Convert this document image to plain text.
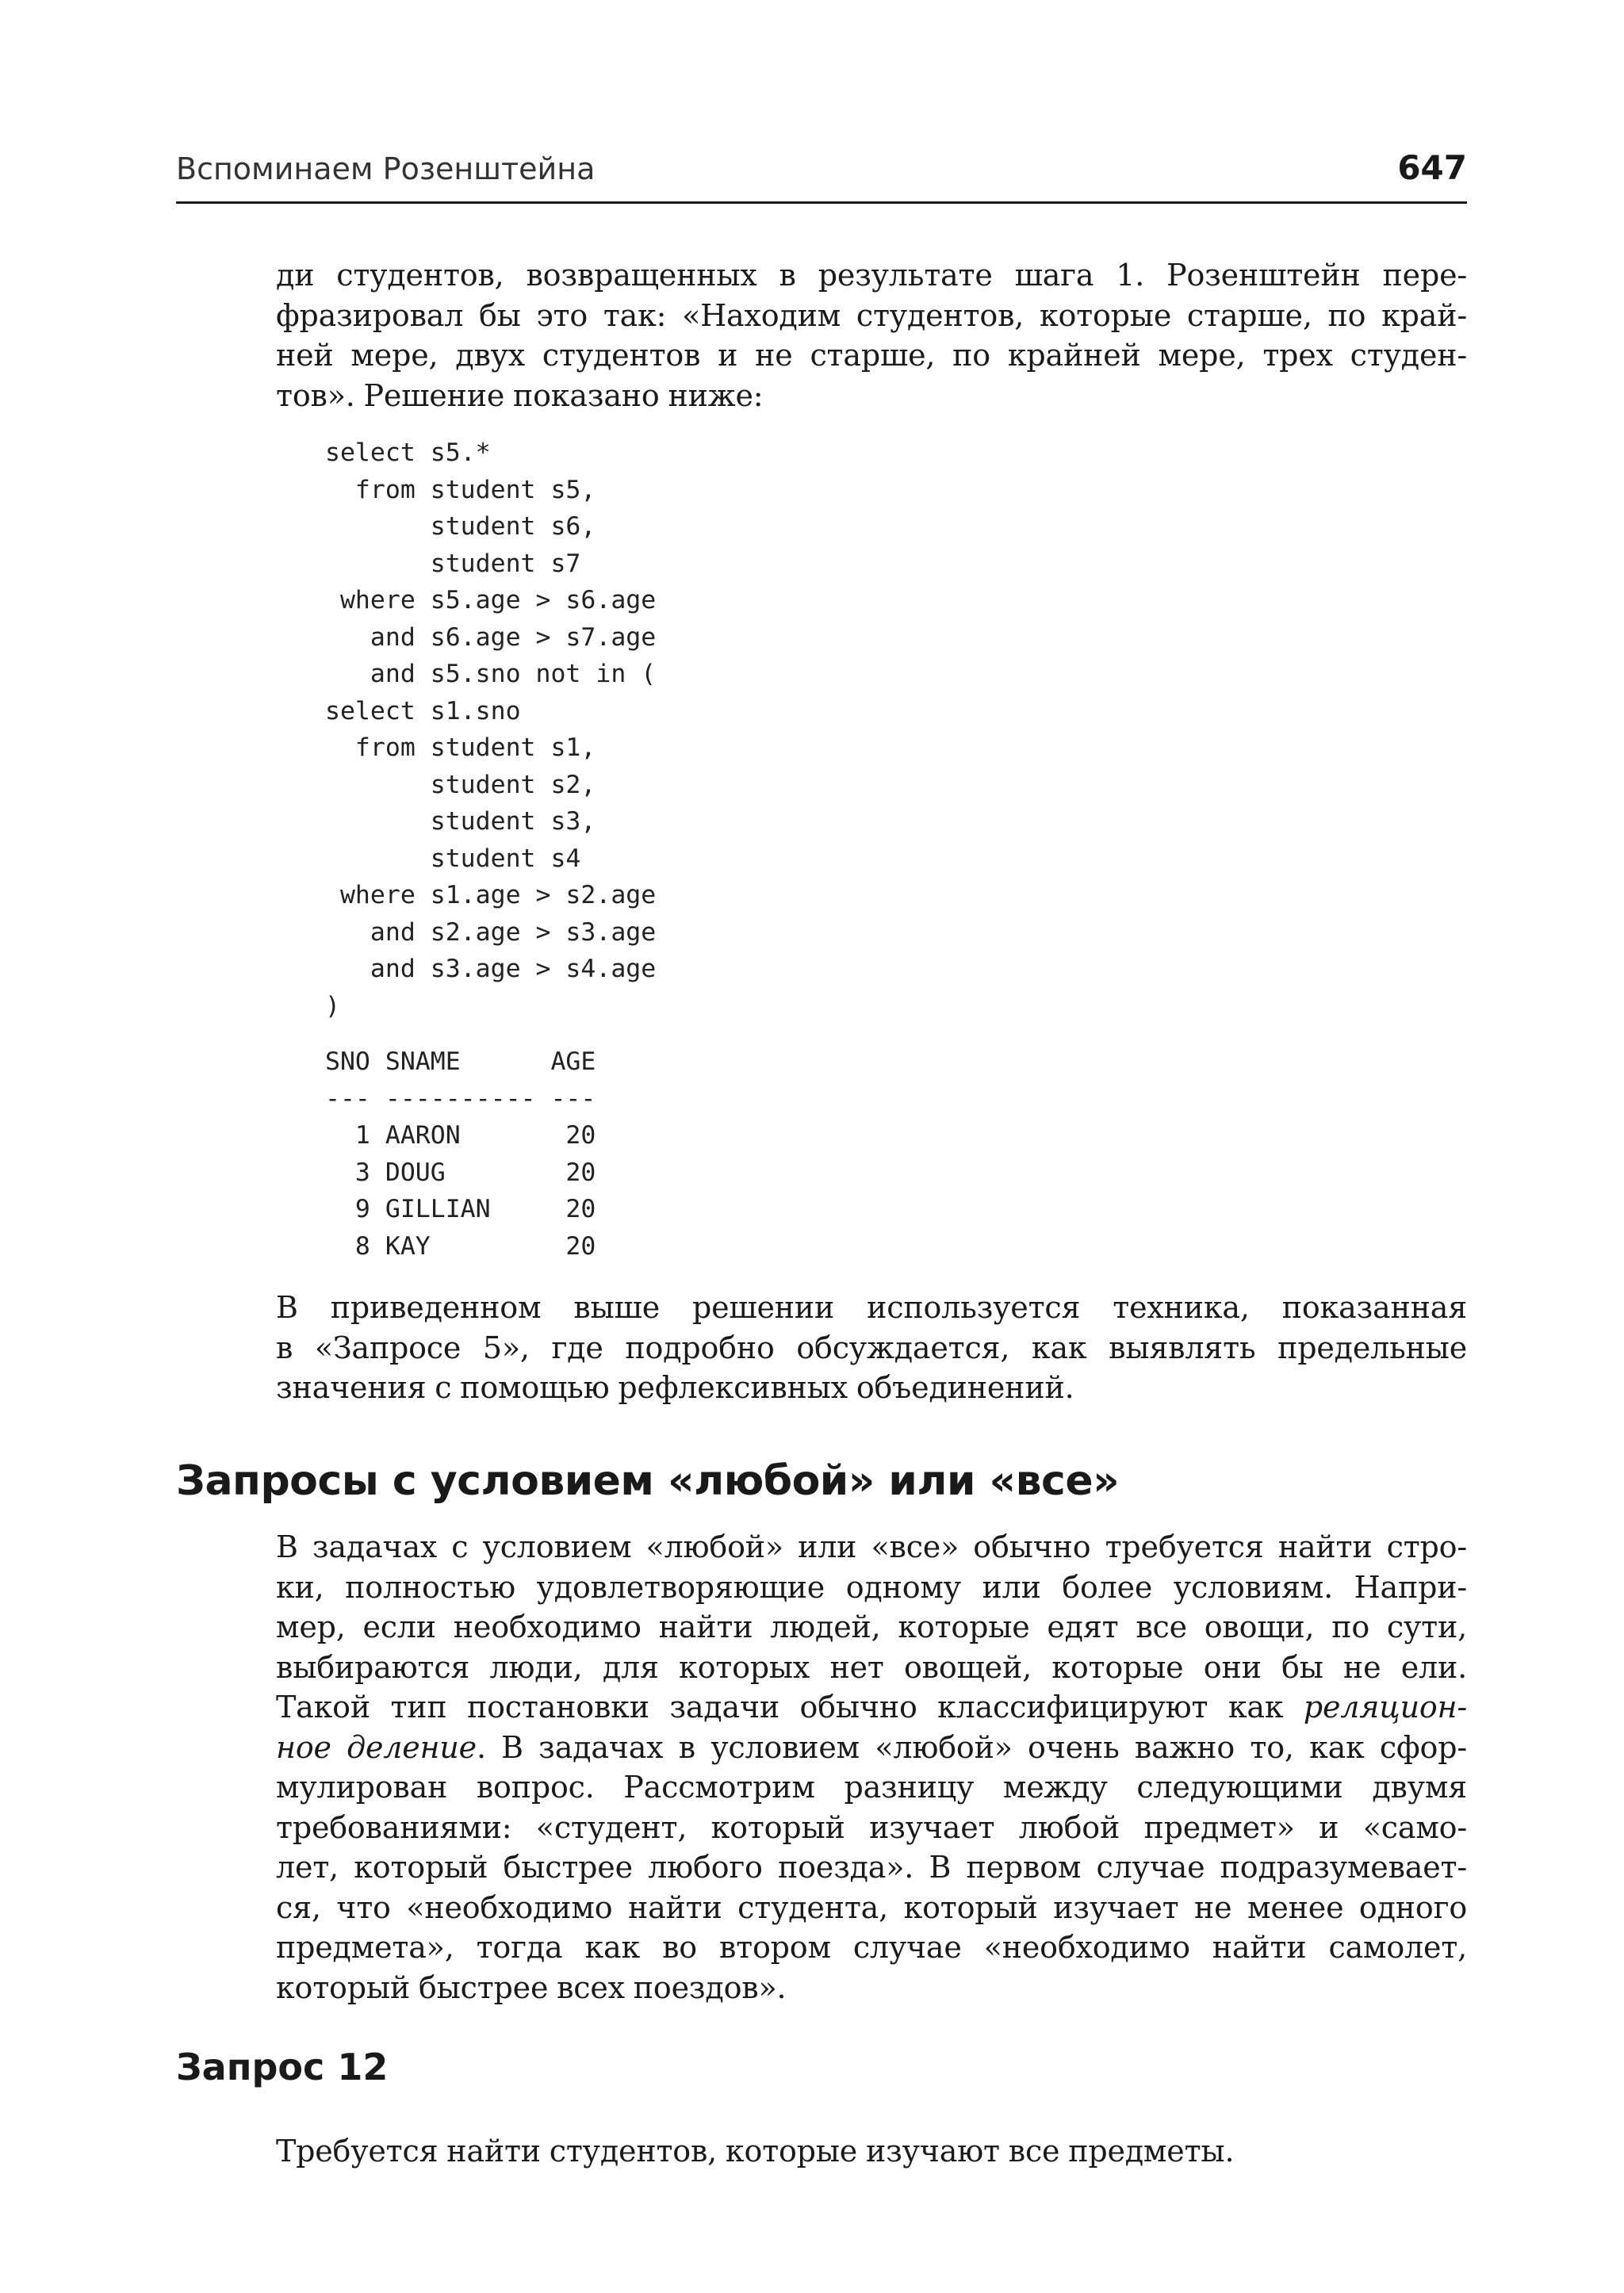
Вспоминаем Розенштейна	647

ди студентов, возвращенных в результате шага 1. Розенштейн пере-
фразировал бы это так: «Находим студентов, которые старше, по край-
ней мере, двух студентов и не старше, по крайней мере, трех студен-
тов». Решение показано ниже:

select s5.*
from student s5,
student s6,
student s7
where s5.age > s6.age
and s6.age > s7.age
and s5.sno not in (
select s1.sno
from student s1,
student s2,
student s3,
student s4
where s1.age > s2.age
and s2.age > s3.age
and s3.age > s4.age
)
SNO SNAME      AGE
--- ---------- ---
1 AARON       20
3 DOUG        20
9 GILLIAN     20
8 KAY         20

В приведенном выше решении используется техника, показанная
в «Запросе 5», где подробно обсуждается, как выявлять предельные
значения с помощью рефлексивных объединений.

Запросы с условием «любой» или «все»

В задачах с условием «любой» или «все» обычно требуется найти стро-
ки, полностью удовлетворяющие одному или более условиям. Напри-
мер, если необходимо найти людей, которые едят все овощи, по сути,
выбираются люди, для которых нет овощей, которые они бы не ели.
Такой тип постановки задачи обычно классифицируют как реляцион-
ное деление. В задачах в условием «любой» очень важно то, как сфор-
мулирован вопрос. Рассмотрим разницу между следующими двумя
требованиями: «студент, который изучает любой предмет» и «само-
лет, который быстрее любого поезда». В первом случае подразумевает-
ся, что «необходимо найти студента, который изучает не менее одного
предмета», тогда как во втором случае «необходимо найти самолет,
который быстрее всех поездов».

Запрос 12

Требуется найти студентов, которые изучают все предметы.
